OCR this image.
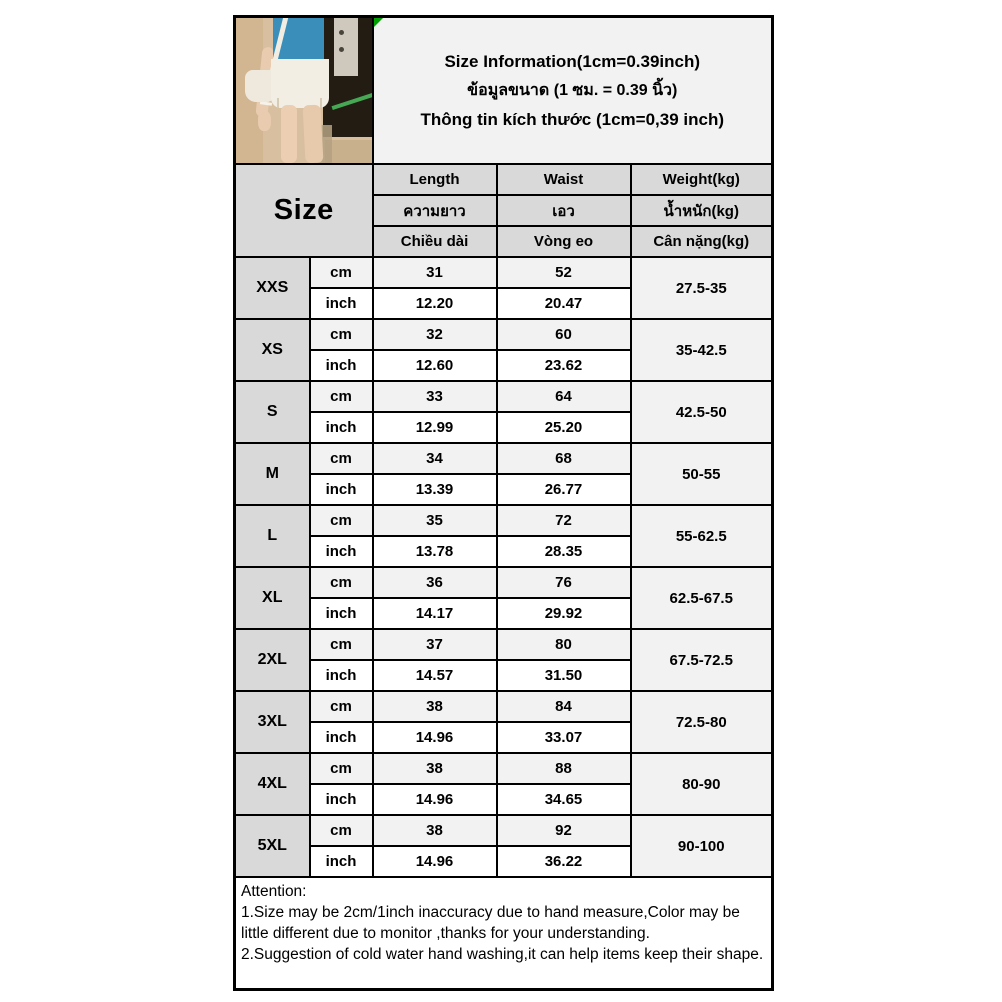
		Size Information(1cm=0.39inch)
ข้อมูลขนาด (1 ซม. = 0.39 นิ้ว)
Thông tin kích thước (1cm=0,39 inch)		

Size		Length	Waist	Weight(kg)
		ความยาว	เอว	น้ำหนัก(kg)
		Chiều dài	Vòng eo	Cân nặng(kg)
XXS	cm	31	52	27.5-35
	inch	12.20	20.47	
XS	cm	32	60	35-42.5
	inch	12.60	23.62	
S	cm	33	64	42.5-50
	inch	12.99	25.20	
M	cm	34	68	50-55
	inch	13.39	26.77	
L	cm	35	72	55-62.5
	inch	13.78	28.35	
XL	cm	36	76	62.5-67.5
	inch	14.17	29.92	
2XL	cm	37	80	67.5-72.5
	inch	14.57	31.50	
3XL	cm	38	84	72.5-80
	inch	14.96	33.07	
4XL	cm	38	88	80-90
	inch	14.96	34.65	
5XL	cm	38	92	90-100
	inch	14.96	36.22	

Attention:
1.Size may be 2cm/1inch inaccuracy due to hand measure,Color may be
little different due to monitor ,thanks for your understanding.
2.Suggestion of cold water hand washing,it can help items keep their shape.				
